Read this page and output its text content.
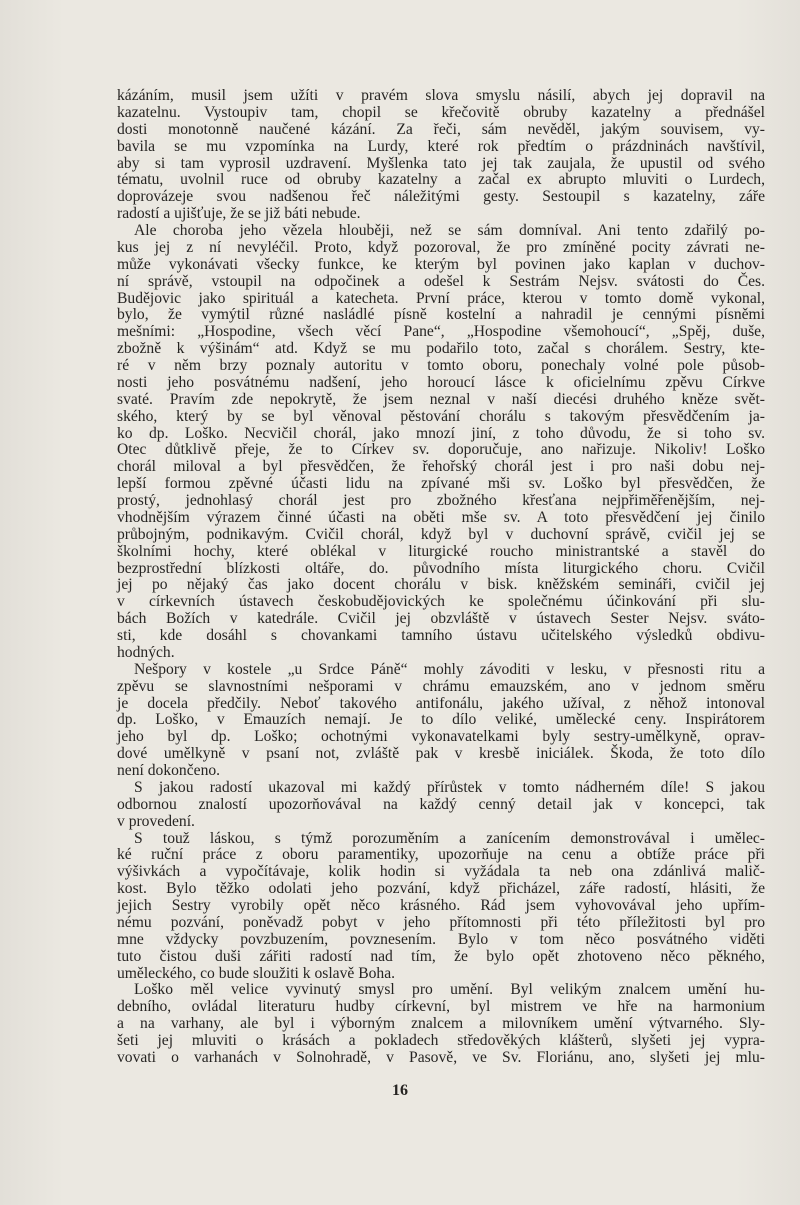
kázáním, musil jsem užíti v pravém slova smyslu násilí, abych jej dopravil na
kazatelnu. Vystoupiv tam, chopil se křečovitě obruby kazatelny a přednášel
dosti monotonně naučené kázání. Za řeči, sám nevěděl, jakým souvisem, vy-
bavila se mu vzpomínka na Lurdy, které rok předtím o prázdninách navštívil,
aby si tam vyprosil uzdravení. Myšlenka tato jej tak zaujala, že upustil od svého
tématu, uvolnil ruce od obruby kazatelny a začal ex abrupto mluviti o Lurdech,
doprovázeje svou nadšenou řeč náležitými gesty. Sestoupil s kazatelny, záře
radostí a ujišťuje, že se již báti nebude.
Ale choroba jeho vězela hlouběji, než se sám domníval. Ani tento zdařilý po-
kus jej z ní nevyléčil. Proto, když pozoroval, že pro zmíněné pocity závrati ne-
může vykonávati všecky funkce, ke kterým byl povinen jako kaplan v duchov-
ní správě, vstoupil na odpočinek a odešel k Sestrám Nejsv. svátosti do Čes.
Budějovic jako spirituál a katecheta. První práce, kterou v tomto domě vykonal,
bylo, že vymýtil různé nasládlé písně kostelní a nahradil je cennými písněmi
mešními: „Hospodine, všech věcí Pane“, „Hospodine všemohoucí“, „Spěj, duše,
zbožně k výšinám“ atd. Když se mu podařilo toto, začal s chorálem. Sestry, kte-
ré v něm brzy poznaly autoritu v tomto oboru, ponechaly volné pole působ-
nosti jeho posvátnému nadšení, jeho horoucí lásce k oficielnímu zpěvu Církve
svaté. Pravím zde nepokrytě, že jsem neznal v naší diecési druhého kněze svět-
ského, který by se byl věnoval pěstování chorálu s takovým přesvědčením ja-
ko dp. Loško. Necvičil chorál, jako mnozí jiní, z toho důvodu, že si toho sv.
Otec důtklivě přeje, že to Církev sv. doporučuje, ano nařizuje. Nikoliv! Loško
chorál miloval a byl přesvědčen, že řehořský chorál jest i pro naši dobu nej-
lepší formou zpěvné účasti lidu na zpívané mši sv. Loško byl přesvědčen, že
prostý, jednohlasý chorál jest pro zbožného křesťana nejpřiměřenějším, nej-
vhodnějším výrazem činné účasti na oběti mše sv. A toto přesvědčení jej činilo
průbojným, podnikavým. Cvičil chorál, když byl v duchovní správě, cvičil jej se
školními hochy, které oblékal v liturgické roucho ministrantské a stavěl do
bezprostřední blízkosti oltáře, do. původního místa liturgického choru. Cvičil
jej po nějaký čas jako docent chorálu v bisk. kněžském semináři, cvičil jej
v církevních ústavech českobudějovických ke společnému účinkování při slu-
bách Božích v katedrále. Cvičil jej obzvláště v ústavech Sester Nejsv. sváto-
sti, kde dosáhl s chovankami tamního ústavu učitelského výsledků obdivu-
hodných.
Nešpory v kostele „u Srdce Páně“ mohly závoditi v lesku, v přesnosti ritu a
zpěvu se slavnostními nešporami v chrámu emauzském, ano v jednom směru
je docela předčily. Neboť takového antifonálu, jakého užíval, z něhož intonoval
dp. Loško, v Emauzích nemají. Je to dílo veliké, umělecké ceny. Inspirátorem
jeho byl dp. Loško; ochotnými vykonavatelkami byly sestry-umělkyně, oprav-
dové umělkyně v psaní not, zvláště pak v kresbě iniciálek. Škoda, že toto dílo
není dokončeno.
S jakou radostí ukazoval mi každý přírůstek v tomto nádherném díle! S jakou
odbornou znalostí upozorňovával na každý cenný detail jak v koncepci, tak
v provedení.
S touž láskou, s týmž porozuměním a zanícením demonstrovával i umělec-
ké ruční práce z oboru paramentiky, upozorňuje na cenu a obtíže práce při
výšivkách a vypočítávaje, kolik hodin si vyžádala ta neb ona zdánlivá malič-
kost. Bylo těžko odolati jeho pozvání, když přicházel, záře radostí, hlásiti, že
jejich Sestry vyrobily opět něco krásného. Rád jsem vyhovovával jeho upřím-
nému pozvání, poněvadž pobyt v jeho přítomnosti při této příležitosti byl pro
mne vždycky povzbuzením, povznesením. Bylo v tom něco posvátného viděti
tuto čistou duši zářiti radostí nad tím, že bylo opět zhotoveno něco pěkného,
uměleckého, co bude sloužiti k oslavě Boha.
Loško měl velice vyvinutý smysl pro umění. Byl velikým znalcem umění hu-
debního, ovládal literaturu hudby církevní, byl mistrem ve hře na harmonium
a na varhany, ale byl i výborným znalcem a milovníkem umění výtvarného. Sly-
šeti jej mluviti o krásách a pokladech středověkých klášterů, slyšeti jej vypra-
vovati o varhanách v Solnohradě, v Pasově, ve Sv. Floriánu, ano, slyšeti jej mlu-
16
